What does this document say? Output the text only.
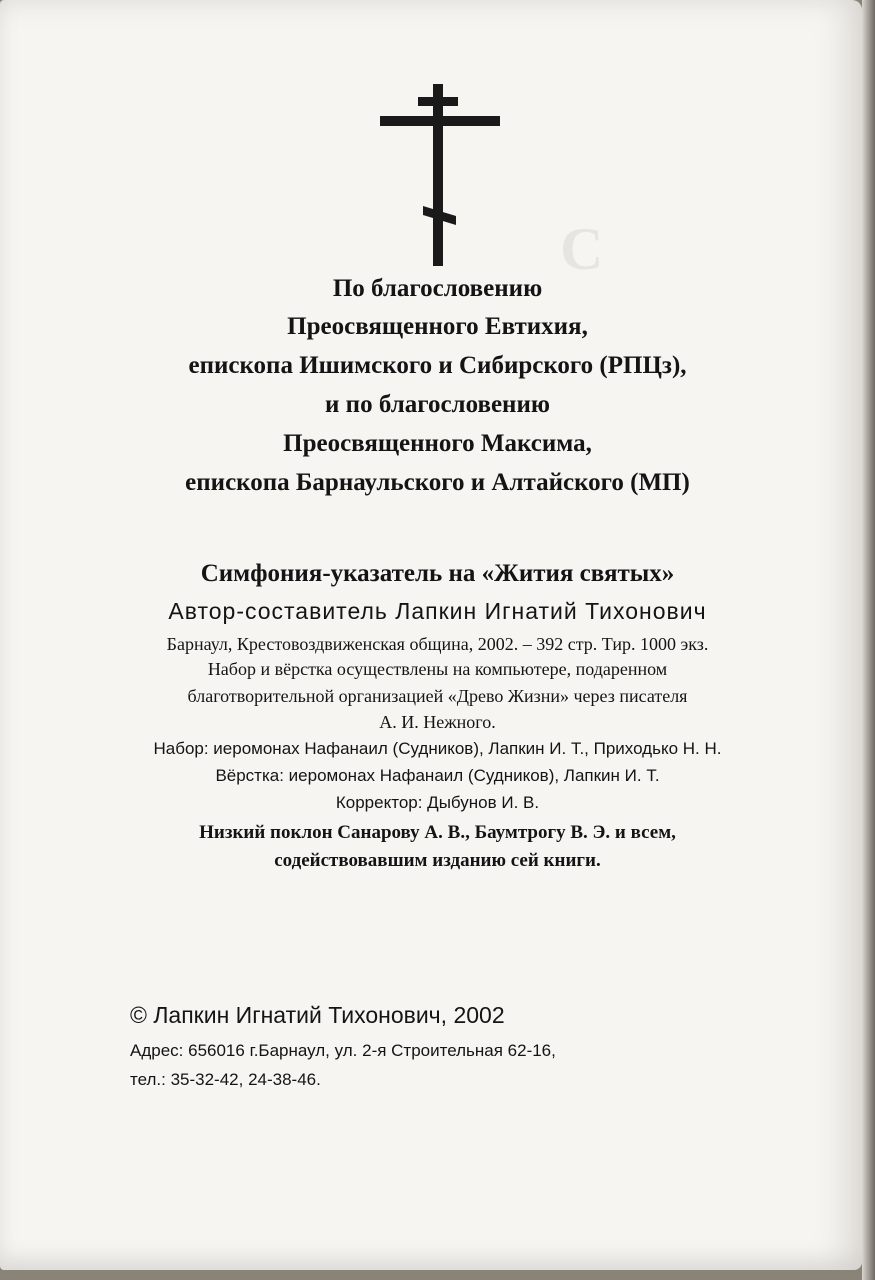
С
По благословению
Преосвященного Евтихия,
епископа Ишимского и Сибирского (РПЦз),
и по благословению
Преосвященного Максима,
епископа Барнаульского и Алтайского (МП)
Симфония-указатель на «Жития святых»
Автор-составитель Лапкин Игнатий Тихонович
Барнаул, Крестовоздвиженская община, 2002. – 392 стр. Тир. 1000 экз.
Набор и вёрстка осуществлены на компьютере, подаренном
благотворительной организацией «Древо Жизни» через писателя
А. И. Нежного.
Набор: иеромонах Нафанаил (Судников), Лапкин И. Т., Приходько Н. Н.
Вёрстка: иеромонах Нафанаил (Судников), Лапкин И. Т.
Корректор: Дыбунов И. В.
Низкий поклон Санарову А. В., Баумтрогу В. Э. и всем,
содействовавшим изданию сей книги.
© Лапкин Игнатий Тихонович, 2002
Адрес: 656016 г.Барнаул, ул. 2-я Строительная 62-16,
тел.: 35-32-42, 24-38-46.
